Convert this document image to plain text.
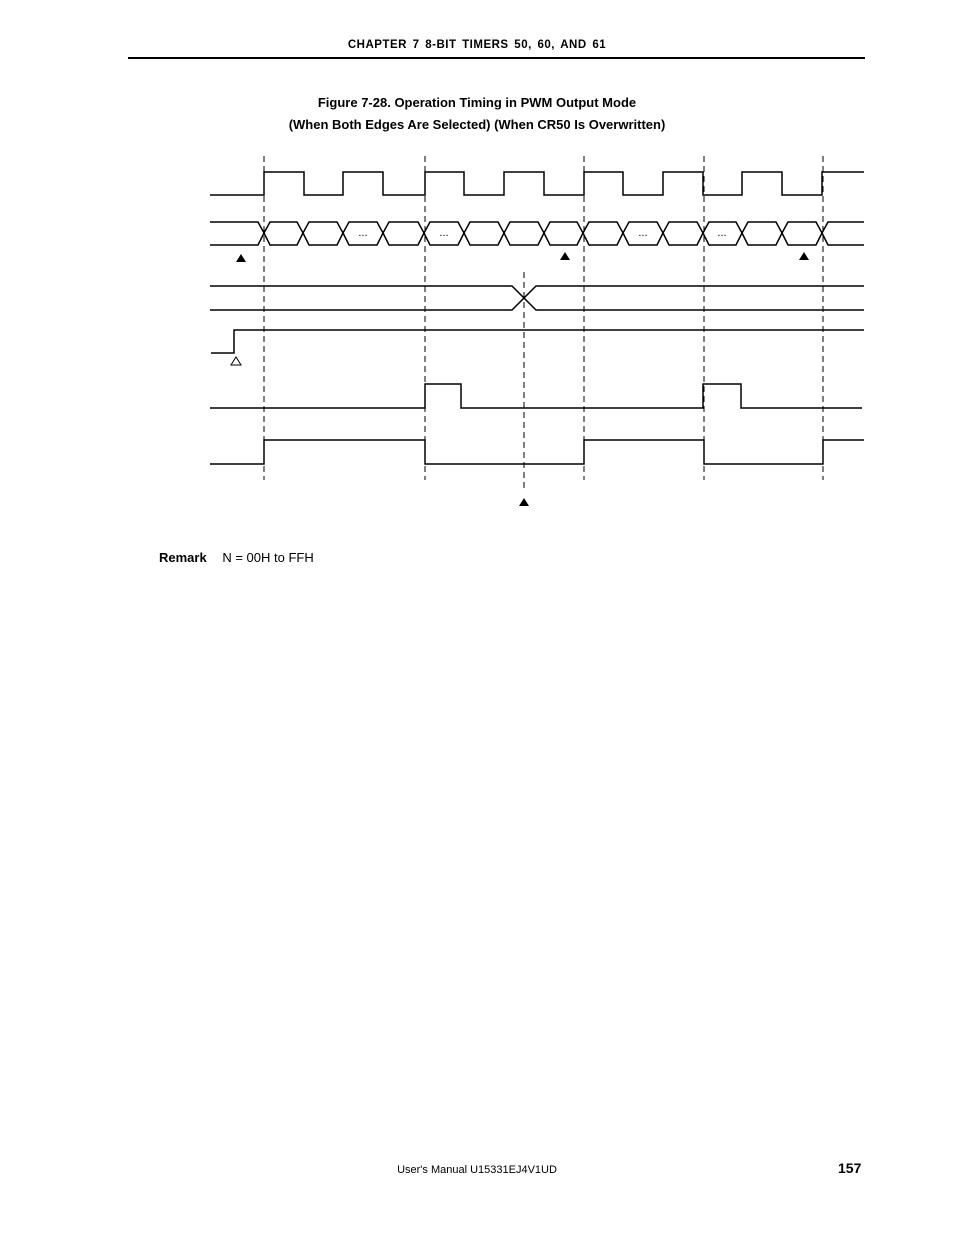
CHAPTER 7 8-BIT TIMERS 50, 60, AND 61
Figure 7-28. Operation Timing in PWM Output Mode
(When Both Edges Are Selected) (When CR50 Is Overwritten)
...	...	...	...
Remark N = 00H to FFH
User's Manual U15331EJ4V1UD	157
